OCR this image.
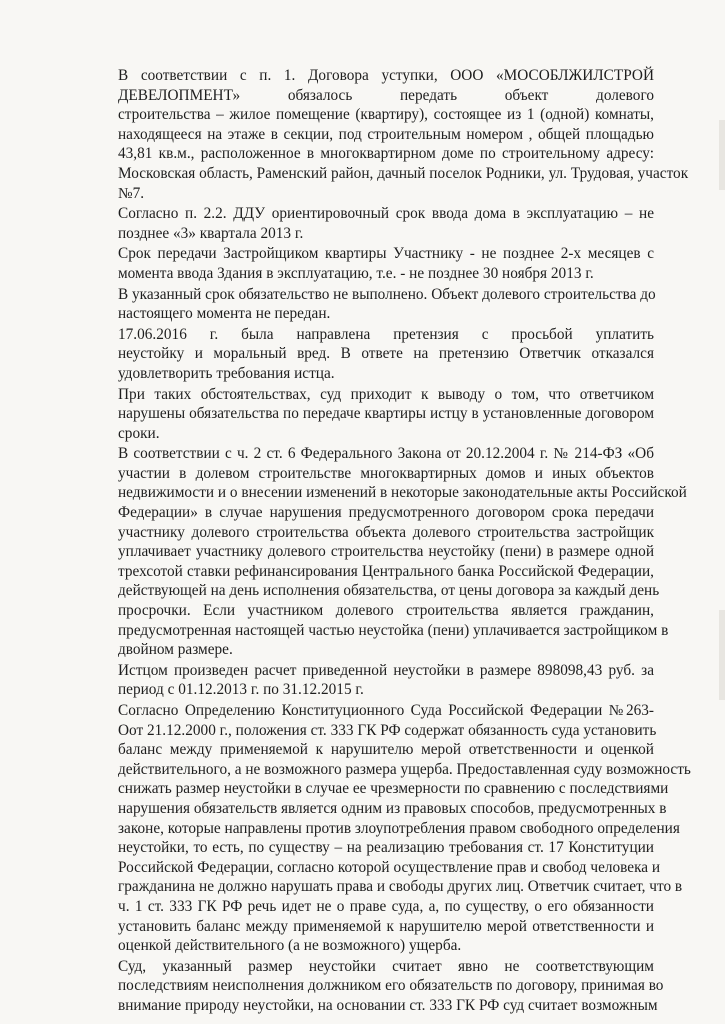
В соответствии с п. 1. Договора уступки, ООО «МОСОБЛЖИЛСТРОЙ
ДЕВЕЛОПМЕНТ» обязалось передать объект долевого
строительства – жилое помещение (квартиру), состоящее из 1 (одной) комнаты,
находящееся на этаже в секции, под строительным номером , общей площадью
43,81 кв.м., расположенное в многоквартирном доме по строительному адресу:
Московская область, Раменский район, дачный поселок Родники, ул. Трудовая, участок
№7.
Согласно п. 2.2. ДДУ ориентировочный срок ввода дома в эксплуатацию – не
позднее «3» квартала 2013 г.
Срок передачи Застройщиком квартиры Участнику - не позднее 2-х месяцев с
момента ввода Здания в эксплуатацию, т.е. - не позднее 30 ноября 2013 г.
В указанный срок обязательство не выполнено. Объект долевого строительства до
настоящего момента не передан.
17.06.2016 г. была направлена претензия с просьбой уплатить
неустойку и моральный вред. В ответе на претензию Ответчик отказался
удовлетворить требования истца.
При таких обстоятельствах, суд приходит к выводу о том, что ответчиком
нарушены обязательства по передаче квартиры истцу в установленные договором
сроки.
В соответствии с ч. 2 ст. 6 Федерального Закона от 20.12.2004 г. № 214-ФЗ «Об
участии в долевом строительстве многоквартирных домов и иных объектов
недвижимости и о внесении изменений в некоторые законодательные акты Российской
Федерации» в случае нарушения предусмотренного договором срока передачи
участнику долевого строительства объекта долевого строительства застройщик
уплачивает участнику долевого строительства неустойку (пени) в размере одной
трехсотой ставки рефинансирования Центрального банка Российской Федерации,
действующей на день исполнения обязательства, от цены договора за каждый день
просрочки. Если участником долевого строительства является гражданин,
предусмотренная настоящей частью неустойка (пени) уплачивается застройщиком в
двойном размере.
Истцом произведен расчет приведенной неустойки в размере 898098,43 руб. за
период с 01.12.2013 г. по 31.12.2015 г.
Согласно Определению Конституционного Суда Российской Федерации №263-
Оот 21.12.2000 г., положения ст. 333 ГК РФ содержат обязанность суда установить
баланс между применяемой к нарушителю мерой ответственности и оценкой
действительного, а не возможного размера ущерба. Предоставленная суду возможность
снижать размер неустойки в случае ее чрезмерности по сравнению с последствиями
нарушения обязательств является одним из правовых способов, предусмотренных в
законе, которые направлены против злоупотребления правом свободного определения
неустойки, то есть, по существу – на реализацию требования ст. 17 Конституции
Российской Федерации, согласно которой осуществление прав и свобод человека и
гражданина не должно нарушать права и свободы других лиц. Ответчик считает, что в
ч. 1 ст. 333 ГК РФ речь идет не о праве суда, а, по существу, о его обязанности
установить баланс между применяемой к нарушителю мерой ответственности и
оценкой действительного (а не возможного) ущерба.
Суд, указанный размер неустойки считает явно не соответствующим
последствиям неисполнения должником его обязательств по договору, принимая во
внимание природу неустойки, на основании ст. 333 ГК РФ суд считает возможным
